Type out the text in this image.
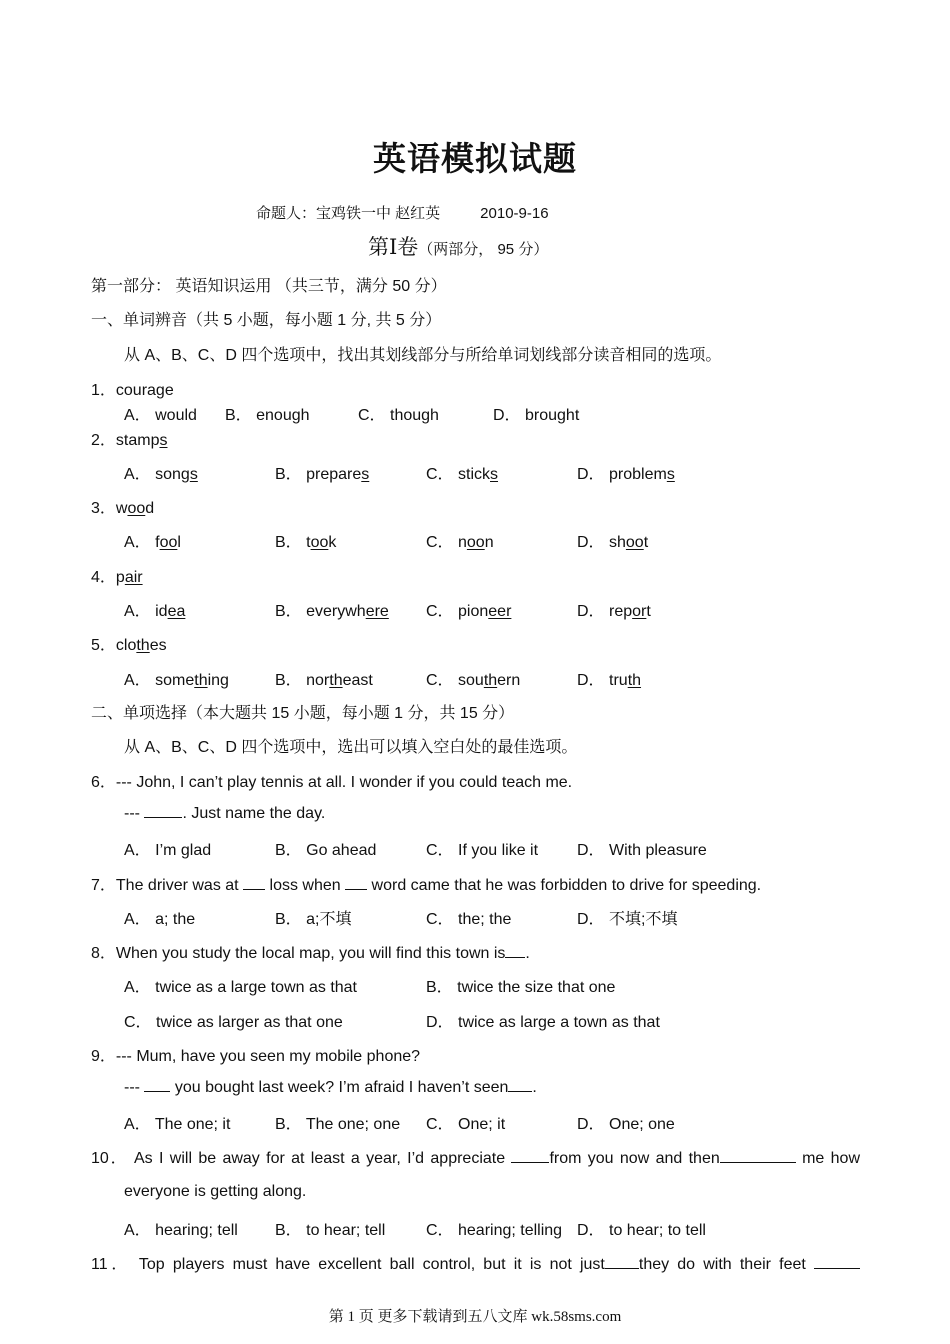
英语模拟试题
命题人：宝鸡铁一中 赵红英	2010-9-16
第Ⅰ卷（两部分， 95 分）
第一部分： 英语知识运用 （共三节，满分 50 分）
一、单词辨音（共 5 小题，每小题 1 分, 共 5 分）
从 A、B、C、D 四个选项中，找出其划线部分与所给单词划线部分读音相同的选项。
1．courage
A． would B． enough	C． though	D． brought
2．stamps
A． songs	B． prepares	C． sticks	D． problems
3．wood
A． fool	B． took	C． noon	D． shoot
4．pair
A． idea	B． everywhere C． pioneer	D． report
5．clothes
A． something	B． northeast	C． southern	D． truth
二、单项选择（本大题共 15 小题，每小题 1 分，共 15 分）
从 A、B、C、D 四个选项中，选出可以填入空白处的最佳选项。
6．--- John, I can’t play tennis at all. I wonder if you could teach me.
--- . Just name the day.
A． I’m glad	B． Go ahead	C． If you like it D． With pleasure
7．The driver was at  loss when  word came that he was forbidden to drive for speeding.
A． a; the	B． a;不填	C． the; the	D． 不填;不填
8．When you study the local map, you will find this town is .
A． twice as a large town as that	B． twice the size that one
C． twice as larger as that one	D． twice as large a town as that
9．--- Mum, have you seen my mobile phone?
---  you bought last week? I’m afraid I haven’t seen .
A． The one; it	B． The one; one C． One; it	D． One; one
10． As I will be away for at least a year, I’d appreciate from you now and then	me how
everyone is getting along.
A． hearing; tell B． to hear; tell	C． hearing; telling D． to hear; to tell
11． Top players must have excellent ball control, but it is not just they do with their feet
第 1 页 更多下载请到五八文库 wk.58sms.com
